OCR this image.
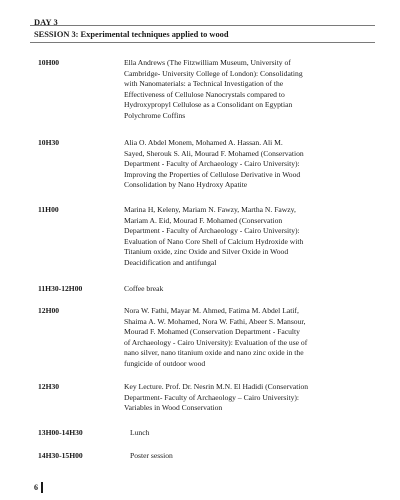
DAY 3
SESSION 3: Experimental techniques applied to wood
10H00	Ella Andrews (The Fitzwilliam Museum, University of
Cambridge- University College of London): Consolidating
with Nanomaterials: a Technical Investigation of the
Effectiveness of Cellulose Nanocrystals compared to
Hydroxypropyl Cellulose as a Consolidant on Egyptian
Polychrome Coffins
10H30	Alia O. Abdel Monem, Mohamed A. Hassan. Ali M.
Sayed, Sherouk S. Ali, Mourad F. Mohamed (Conservation
Department - Faculty of Archaeology - Cairo University):
Improving the Properties of Cellulose Derivative in Wood
Consolidation by Nano Hydroxy Apatite
11H00	Marina H, Keleny, Mariam N. Fawzy, Martha N. Fawzy,
Mariam A. Eid, Mourad F. Mohamed (Conservation
Department - Faculty of Archaeology - Cairo University):
Evaluation of Nano Core Shell of Calcium Hydroxide with
Titanium oxide, zinc Oxide and Silver Oxide in Wood
Deacidification and antifungal
11H30-12H00	Coffee break
12H00	Nora W. Fathi, Mayar M. Ahmed, Fatima M. Abdel Latif,
Shaima A. W. Mohamed, Nora W. Fathi, Abeer S. Mansour,
Mourad F. Mohamed (Conservation Department - Faculty
of Archaeology - Cairo University): Evaluation of the use of
nano silver, nano titanium oxide and nano zinc oxide in the
fungicide of outdoor wood
12H30	Key Lecture. Prof. Dr. Nesrin M.N. El Hadidi (Conservation
Department- Faculty of Archaeology – Cairo University):
Variables in Wood Conservation
13H00-14H30	Lunch
14H30-15H00	Poster session
6
